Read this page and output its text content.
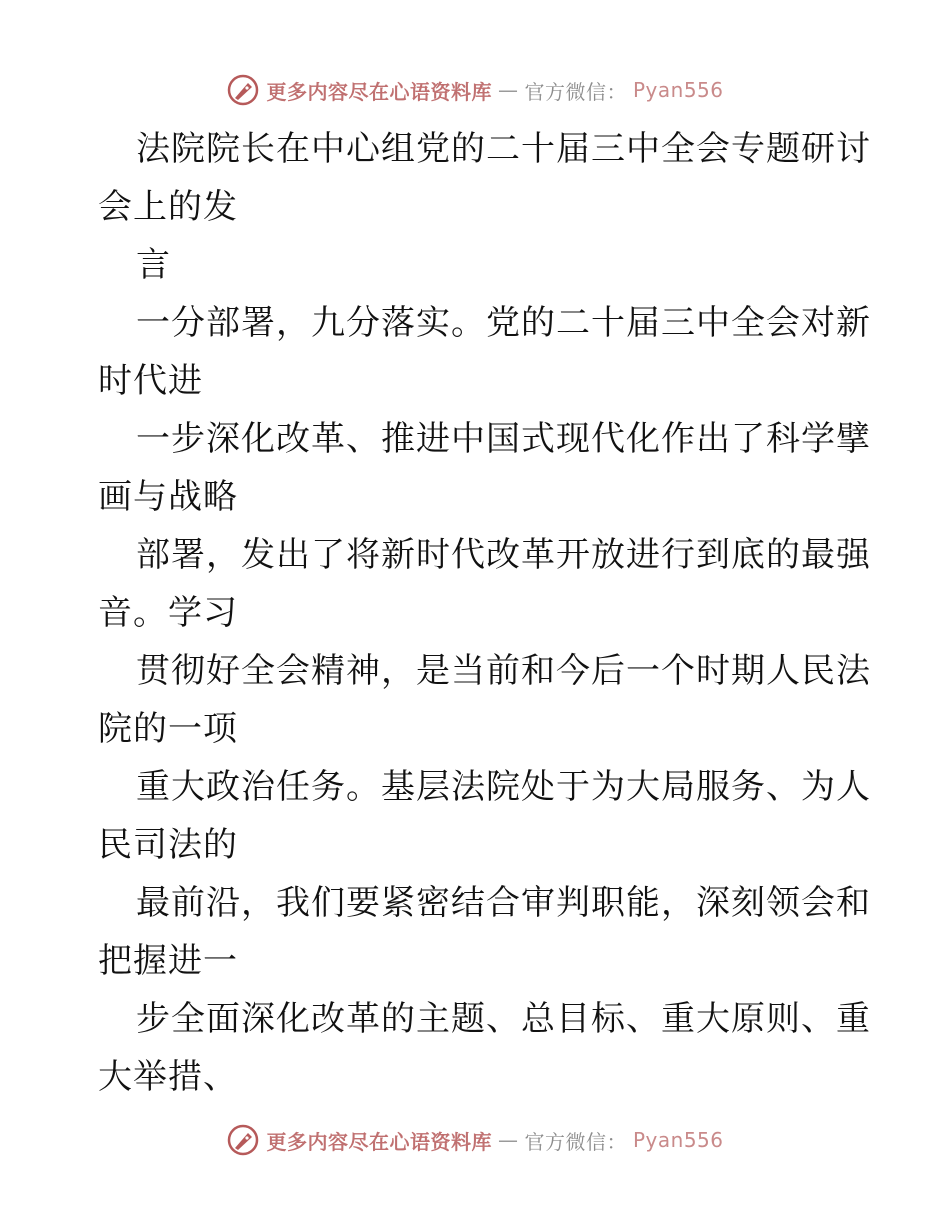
更多内容尽在心语资料库 — 官方微信： Pyan556
法院院长在中心组党的二十届三中全会专题研讨
会上的发
言
一分部署，九分落实。党的二十届三中全会对新
时代进
一步深化改革、推进中国式现代化作出了科学擘
画与战略
部署，发出了将新时代改革开放进行到底的最强
音。学习
贯彻好全会精神，是当前和今后一个时期人民法
院的一项
重大政治任务。基层法院处于为大局服务、为人
民司法的
最前沿，我们要紧密结合审判职能，深刻领会和
把握进一
步全面深化改革的主题、总目标、重大原则、重
大举措、
更多内容尽在心语资料库 — 官方微信： Pyan556
